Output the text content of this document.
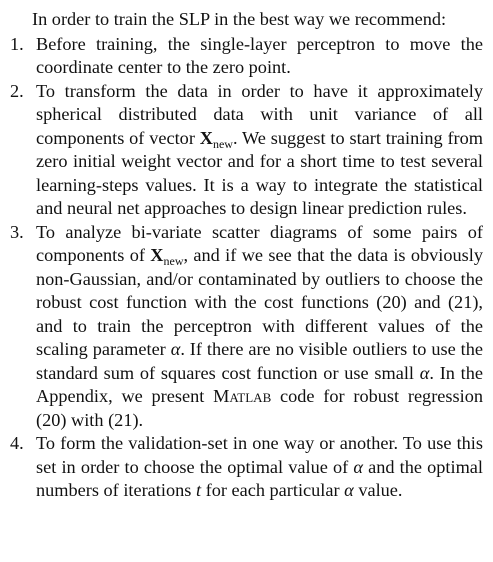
In order to train the SLP in the best way we recommend:

1. Before training, the single-layer perceptron to move the coordinate center to the zero point.
2. To transform the data in order to have it approximately spherical distributed data with unit variance of all components of vector $X_{new}$. We suggest to start training from zero initial weight vector and for a short time to test several learning-steps values. It is a way to integrate the statistical and neural net approaches to design linear prediction rules.
3. To analyze bi-variate scatter diagrams of some pairs of components of $X_{new}$, and if we see that the data is obviously non-Gaussian, and/or contaminated by outliers to choose the robust cost function with the cost functions (20) and (21), and to train the perceptron with different values of the scaling parameter α. If there are no visible outliers to use the standard sum of squares cost function or use small α. In the Appendix, we present Matlab code for robust regression (20) with (21).
4. To form the validation-set in one way or another. To use this set in order to choose the optimal value of α and the optimal numbers of iterations t for each particular α value.
